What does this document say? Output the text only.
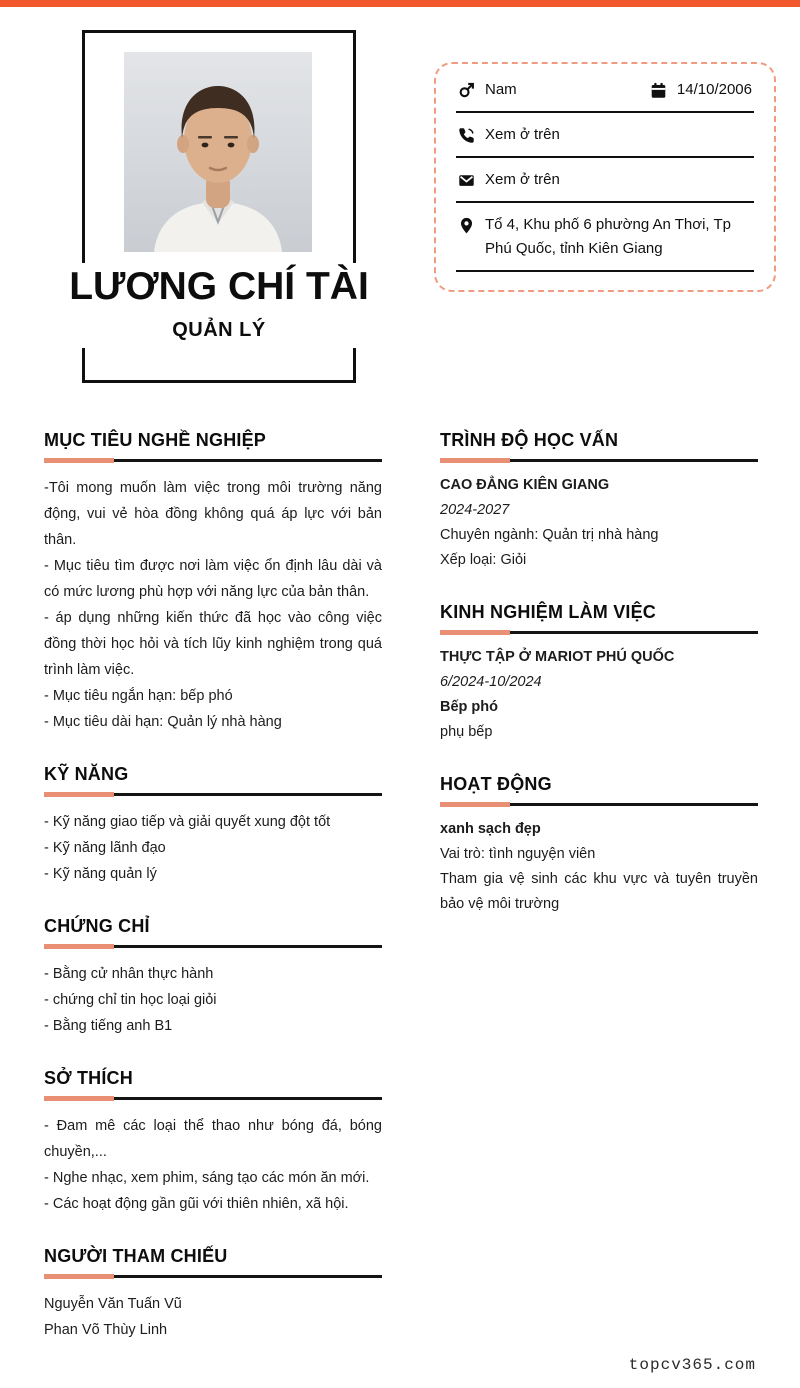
LƯƠNG CHÍ TÀI
QUẢN LÝ
Nam	14/10/2006
Xem ở trên
Xem ở trên
Tổ 4, Khu phố 6 phường An Thơi, Tp Phú Quốc, tỉnh Kiên Giang
MỤC TIÊU NGHỀ NGHIỆP

-Tôi mong muốn làm việc trong môi trường năng động, vui vẻ hòa đồng không quá áp lực với bản thân.

- Mục tiêu tìm được nơi làm việc ổn định lâu dài và có mức lương phù hợp với năng lực của bản thân.

- áp dụng những kiến thức đã học vào công việc đồng thời học hỏi và tích lũy kinh nghiệm trong quá trình làm việc.

- Mục tiêu ngắn hạn: bếp phó

- Mục tiêu dài hạn: Quản lý nhà hàng

KỸ NĂNG

- Kỹ năng giao tiếp và giải quyết xung đột tốt

- Kỹ năng lãnh đạo

- Kỹ năng quản lý

CHỨNG CHỈ

- Bằng cử nhân thực hành

- chứng chỉ tin học loại giỏi

- Bằng tiếng anh B1

SỞ THÍCH

- Đam mê các loại thể thao như bóng đá, bóng chuyền,...

- Nghe nhạc, xem phim, sáng tạo các món ăn mới.

- Các hoạt động gần gũi với thiên nhiên, xã hội.

NGƯỜI THAM CHIẾU

Nguyễn Văn Tuấn Vũ

Phan Võ Thùy Linh

TRÌNH ĐỘ HỌC VẤN

CAO ĐẲNG KIÊN GIANG

2024-2027

Chuyên ngành: Quản trị nhà hàng

Xếp loại: Giỏi

KINH NGHIỆM LÀM VIỆC

THỰC TẬP Ở MARIOT PHÚ QUỐC

6/2024-10/2024

Bếp phó

phụ bếp

HOẠT ĐỘNG

xanh sạch đẹp

Vai trò: tình nguyện viên

Tham gia vệ sinh các khu vực và tuyên truyền bảo vệ môi trường

topcv365.com
